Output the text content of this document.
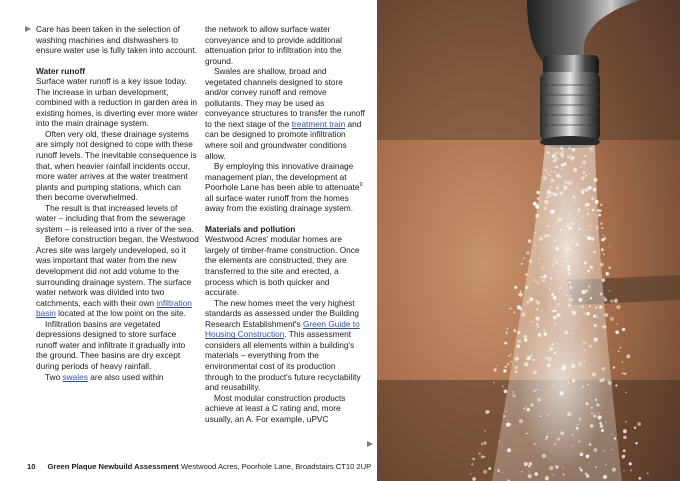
Care has been taken in the selection of washing machines and dishwashers to ensure water use is fully taken into account.

Water runoff

Surface water runoff is a key issue today. The increase in urban development, combined with a reduction in garden area in existing homes, is diverting ever more water into the main drainage system.

Often very old, these drainage systems are simply not designed to cope with these runoff levels. The inevitable consequence is that, when heavier rainfall incidents occur, more water arrives at the water treatment plants and pumping stations, which can then become overwhelmed.

The result is that increased levels of water – including that from the sewerage system – is released into a river of the sea.

Before construction began, the Westwood Acres site was largely undeveloped, so it was important that water from the new development did not add volume to the surrounding drainage system. The surface water network was divided into two catchments, each with their own infiltration basin located at the low point on the site.

Infiltration basins are vegetated depressions designed to store surface runoff water and infiltrate it gradually into the ground. Thee basins are dry except during periods of heavy rainfall.

Two swales are also used within

the network to allow surface water conveyance and to provide additional attenuation prior to infiltration into the ground.

Swales are shallow, broad and vegetated channels designed to store and/or convey runoff and remove pollutants. They may be used as conveyance structures to transfer the runoff to the next stage of the treatment train and can be designed to promote infiltration where soil and groundwater conditions allow.

By employing this innovative drainage management plan, the development at Poorhole Lane has been able to attenuate$^9$ all surface water runoff from the homes away from the existing drainage system.

Materials and pollution

Westwood Acres' modular homes are largely of timber-frame construction. Once the elements are constructed, they are transferred to the site and erected, a process which is both quicker and accurate.

The new homes meet the very highest standards as assessed under the Building Research Establishment's Green Guide to Housing Construction. This assessment considers all elements within a building's materials – everything from the environmental cost of its production through to the product's future recyclability and reusability.

Most modular construction products achieve at least a C rating and, more usually, an A. For example, uPVC

10 Green Plaque Newbuild Assessment Westwood Acres, Poorhole Lane, Broadstairs CT10 2UP
